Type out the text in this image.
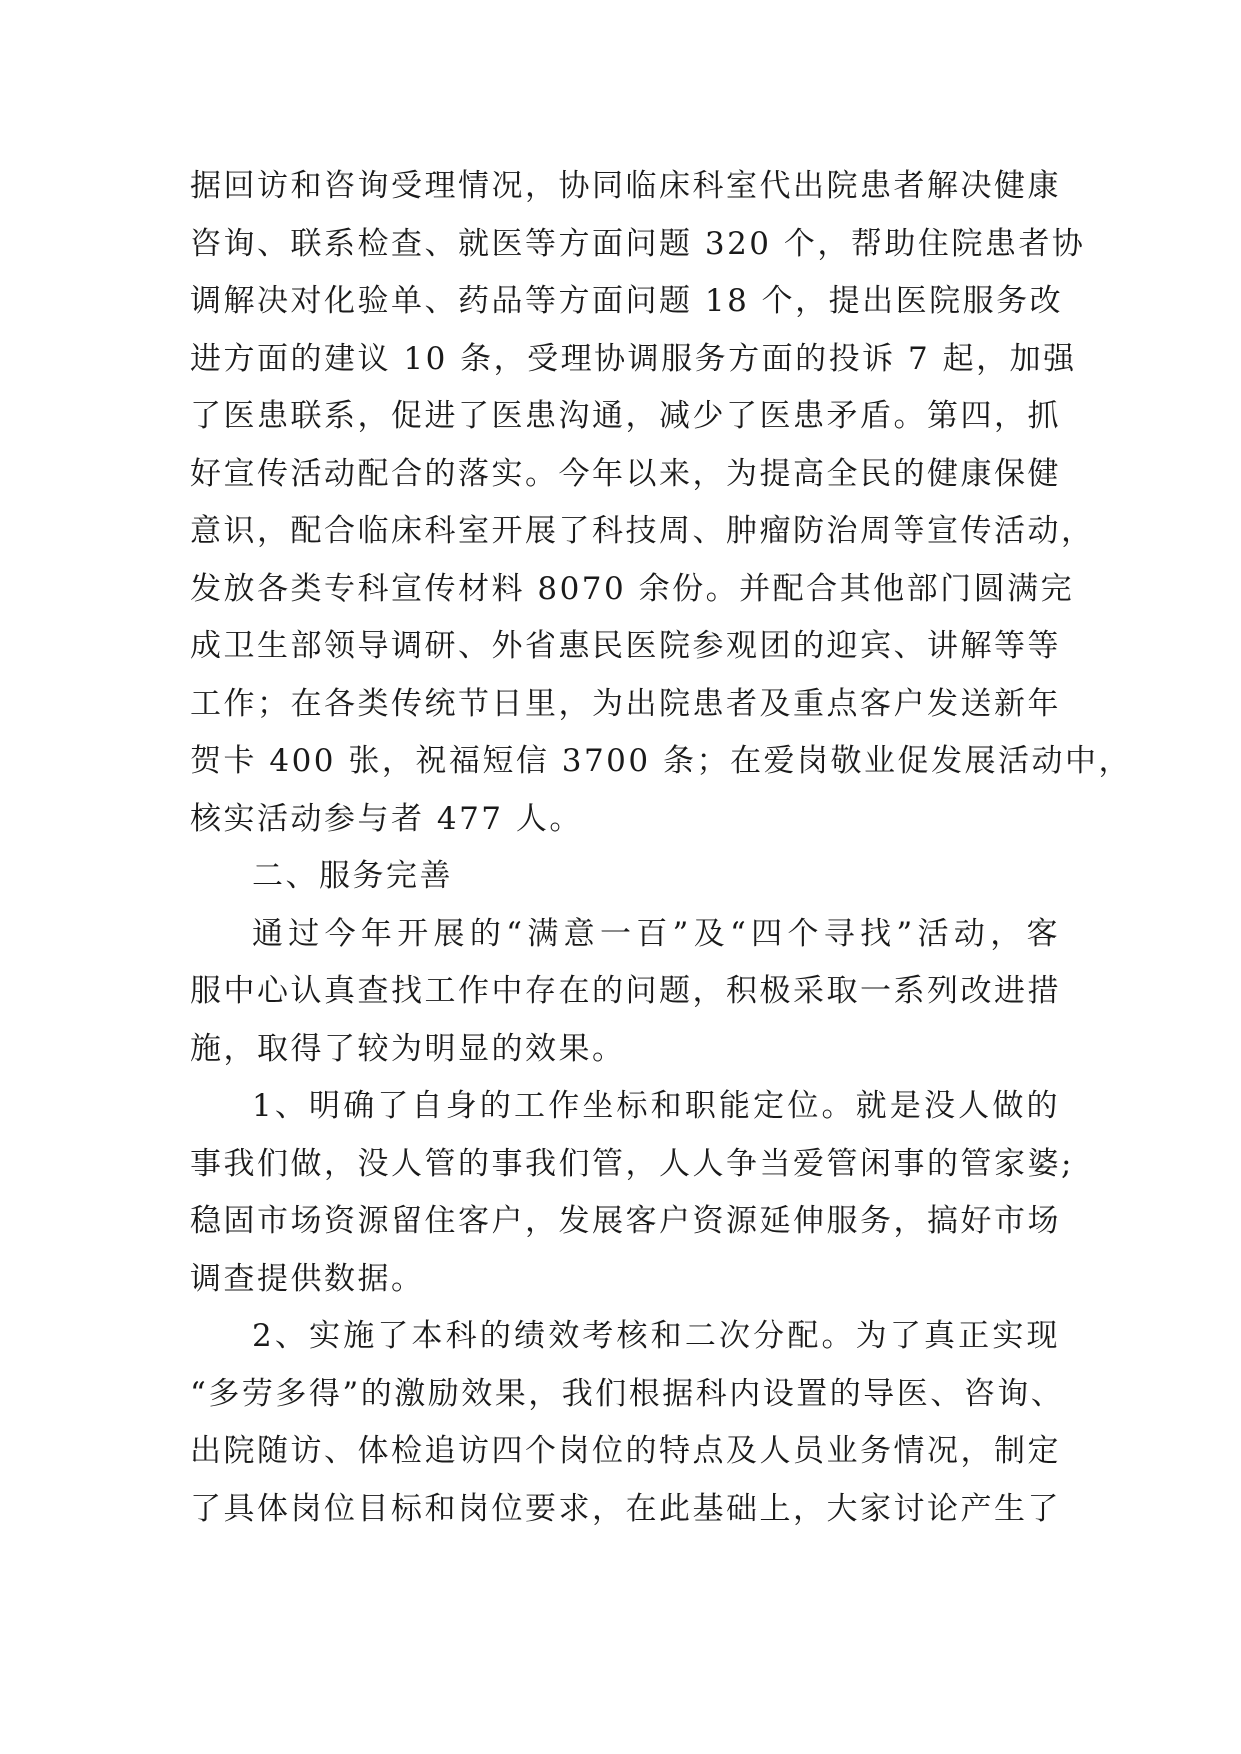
据回访和咨询受理情况，协同临床科室代出院患者解决健康
咨询、联系检查、就医等方面问题 320 个，帮助住院患者协
调解决对化验单、药品等方面问题 18 个，提出医院服务改
进方面的建议 10 条，受理协调服务方面的投诉 7 起，加强
了医患联系，促进了医患沟通，减少了医患矛盾。第四，抓
好宣传活动配合的落实。今年以来，为提高全民的健康保健
意识，配合临床科室开展了科技周、肿瘤防治周等宣传活动，
发放各类专科宣传材料 8070 余份。并配合其他部门圆满完
成卫生部领导调研、外省惠民医院参观团的迎宾、讲解等等
工作；在各类传统节日里，为出院患者及重点客户发送新年
贺卡 400 张，祝福短信 3700 条；在爱岗敬业促发展活动中，
核实活动参与者 477 人。

二、服务完善

通过今年开展的“满意一百”及“四个寻找”活动，客
服中心认真查找工作中存在的问题，积极采取一系列改进措
施，取得了较为明显的效果。

1、明确了自身的工作坐标和职能定位。就是没人做的
事我们做，没人管的事我们管，人人争当爱管闲事的管家婆;
稳固市场资源留住客户，发展客户资源延伸服务，搞好市场
调查提供数据。

2、实施了本科的绩效考核和二次分配。为了真正实现
“多劳多得”的激励效果，我们根据科内设置的导医、咨询、
出院随访、体检追访四个岗位的特点及人员业务情况，制定
了具体岗位目标和岗位要求，在此基础上，大家讨论产生了
